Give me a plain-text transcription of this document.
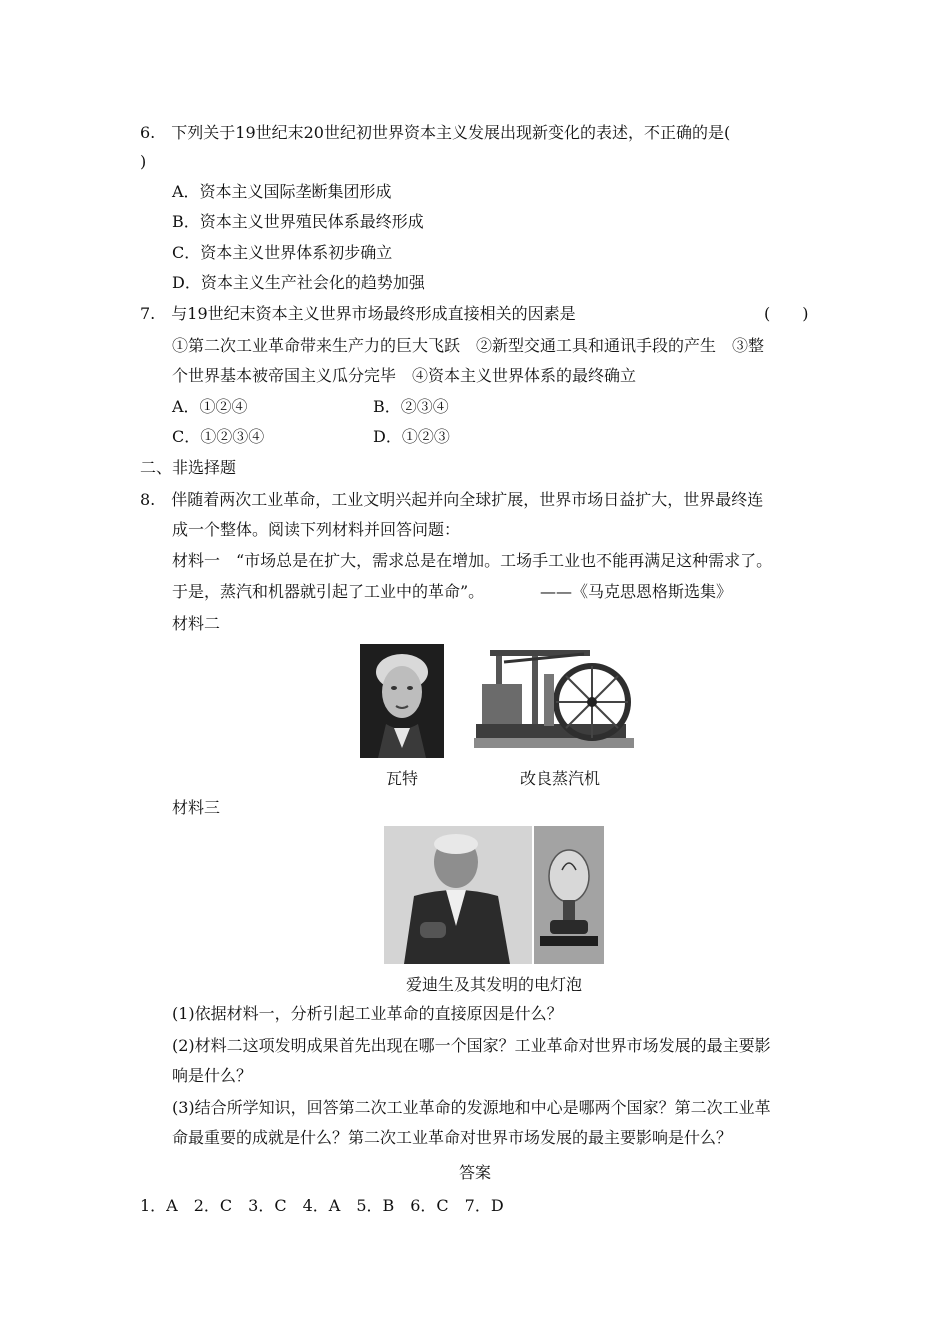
6.　下列关于19世纪末20世纪初世界资本主义发展出现新变化的表述，不正确的是(
)
A．资本主义国际垄断集团形成
B．资本主义世界殖民体系最终形成
C．资本主义世界体系初步确立
D．资本主义生产社会化的趋势加强
7.　与19世纪末资本主义世界市场最终形成直接相关的因素是	(　　)
①第二次工业革命带来生产力的巨大飞跃　②新型交通工具和通讯手段的产生　③整
个世界基本被帝国主义瓜分完毕　④资本主义世界体系的最终确立
A．①②④	B．②③④
C．①②③④	D．①②③
二、非选择题
8.　伴随着两次工业革命，工业文明兴起并向全球扩展，世界市场日益扩大，世界最终连
成一个整体。阅读下列材料并回答问题：
材料一　“市场总是在扩大，需求总是在增加。工场手工业也不能再满足这种需求了。
于是，蒸汽和机器就引起了工业中的革命”。	——《马克思恩格斯选集》
材料二
瓦特	改良蒸汽机
材料三
爱迪生及其发明的电灯泡
(1)依据材料一，分析引起工业革命的直接原因是什么？
(2)材料二这项发明成果首先出现在哪一个国家？工业革命对世界市场发展的最主要影
响是什么？
(3)结合所学知识，回答第二次工业革命的发源地和中心是哪两个国家？第二次工业革
命最重要的成就是什么？第二次工业革命对世界市场发展的最主要影响是什么？
答案
1．A　2．C　3．C　4．A　5．B　6．C　7．D
